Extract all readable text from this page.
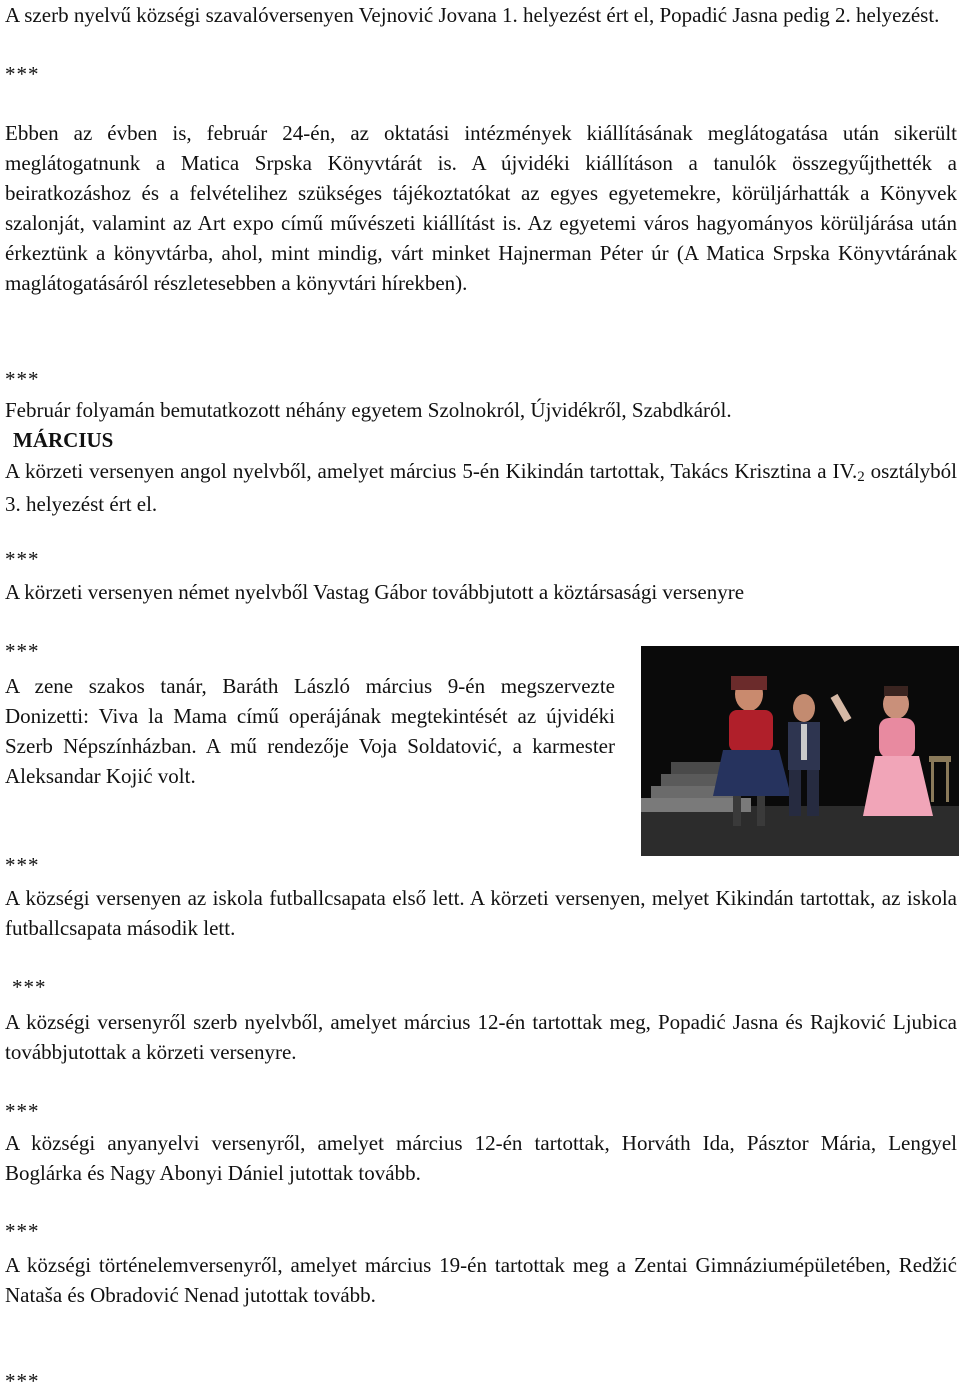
A szerb nyelvű községi szavalóversenyen Vejnović Jovana 1. helyezést ért el, Popadić Jasna pedig 2. helyezést.

***

Ebben az évben is, február 24-én, az oktatási intézmények kiállításának meglátogatása után sikerült meglátogatnunk a Matica Srpska Könyvtárát is. A újvidéki kiállításon a tanulók összegyűjthették a beiratkozáshoz és a felvételihez szükséges tájékoztatókat az egyes egyetemekre, körüljárhatták a Könyvek szalonját, valamint az Art expo című művészeti kiállítást is. Az egyetemi város hagyományos körüljárása után érkeztünk a könyvtárba, ahol, mint mindig, várt minket Hajnerman Péter úr (A Matica Srpska Könyvtárának maglátogatásáról részletesebben a könyvtári hírekben).

***

Február folyamán bemutatkozott néhány egyetem Szolnokról, Újvidékről, Szabdkáról.

MÁRCIUS

A körzeti versenyen angol nyelvből, amelyet március 5-én Kikindán tartottak, Takács Krisztina a IV.2 osztályból 3. helyezést ért el.

***

A körzeti versenyen német nyelvből Vastag Gábor továbbjutott a köztársasági versenyre

***

A zene szakos tanár, Baráth László március 9-én megszervezte Donizetti: Viva la Mama című operájának megtekintését az újvidéki Szerb Népszínházban. A mű rendezője Voja Soldatović, a karmester Aleksandar Kojić volt.

***

A községi versenyen az iskola futballcsapata első lett. A körzeti versenyen, melyet Kikindán tartottak, az iskola futballcsapata második lett.

***

A községi versenyről szerb nyelvből, amelyet március 12-én tartottak meg, Popadić Jasna és Rajković Ljubica továbbjutottak a körzeti versenyre.

***

A községi anyanyelvi versenyről, amelyet március 12-én tartottak, Horváth Ida, Pásztor Mária, Lengyel Boglárka és Nagy Abonyi Dániel jutottak tovább.

***

A községi történelemversenyről, amelyet március 19-én tartottak meg a Zentai Gimnáziumépületében, Redžić Nataša és Obradović Nenad jutottak tovább.

***
